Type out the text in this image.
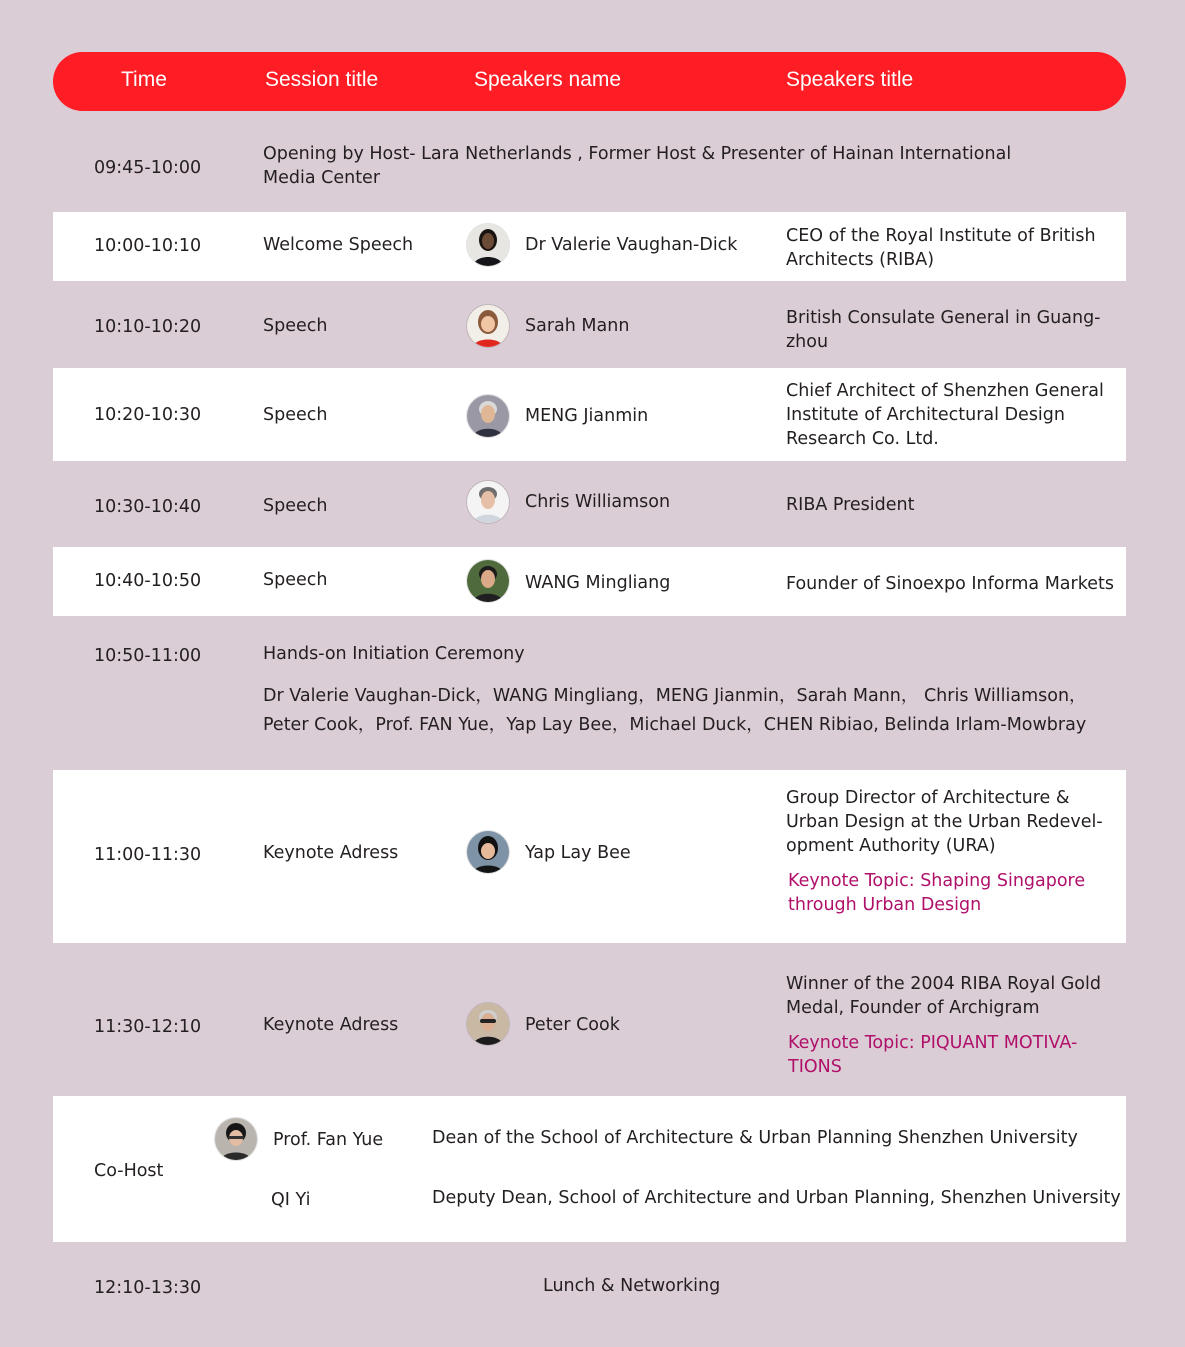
Time	Session title	Speakers name	Speakers title
09:45-10:00
Opening by Host- Lara Netherlands , Former Host & Presenter of Hainan International
Media Center
10:00-10:10	Welcome Speech	Dr Valerie Vaughan-Dick	CEO of the Royal Institute of British
Architects (RIBA)
10:10-10:20	Speech	Sarah Mann	British Consulate General in Guang-
zhou
10:20-10:30	Speech	MENG Jianmin
Chief Architect of Shenzhen General
Institute of Architectural Design
Research Co. Ltd.
10:30-10:40	Speech	Chris Williamson	RIBA President
10:40-10:50	Speech	WANG Mingliang	Founder of Sinoexpo Informa Markets
10:50-11:00	Hands-on Initiation Ceremony
Dr Valerie Vaughan-Dick，WANG Mingliang，MENG Jianmin，Sarah Mann， Chris Williamson，
Peter Cook，Prof. FAN Yue，Yap Lay Bee，Michael Duck，CHEN Ribiao, Belinda Irlam-Mowbray
11:00-11:30	Keynote Adress	Yap Lay Bee
Group Director of Architecture &
Urban Design at the Urban Redevel-
opment Authority (URA)
Keynote Topic: Shaping Singapore
through Urban Design
11:30-12:10	Keynote Adress	Peter Cook
Winner of the 2004 RIBA Royal Gold
Medal, Founder of Archigram
Keynote Topic: PIQUANT MOTIVA-
TIONS
Co-Host
Prof. Fan Yue	Dean of the School of Architecture & Urban Planning Shenzhen University
QI Yi	Deputy Dean, School of Architecture and Urban Planning, Shenzhen University
12:10-13:30	Lunch & Networking
